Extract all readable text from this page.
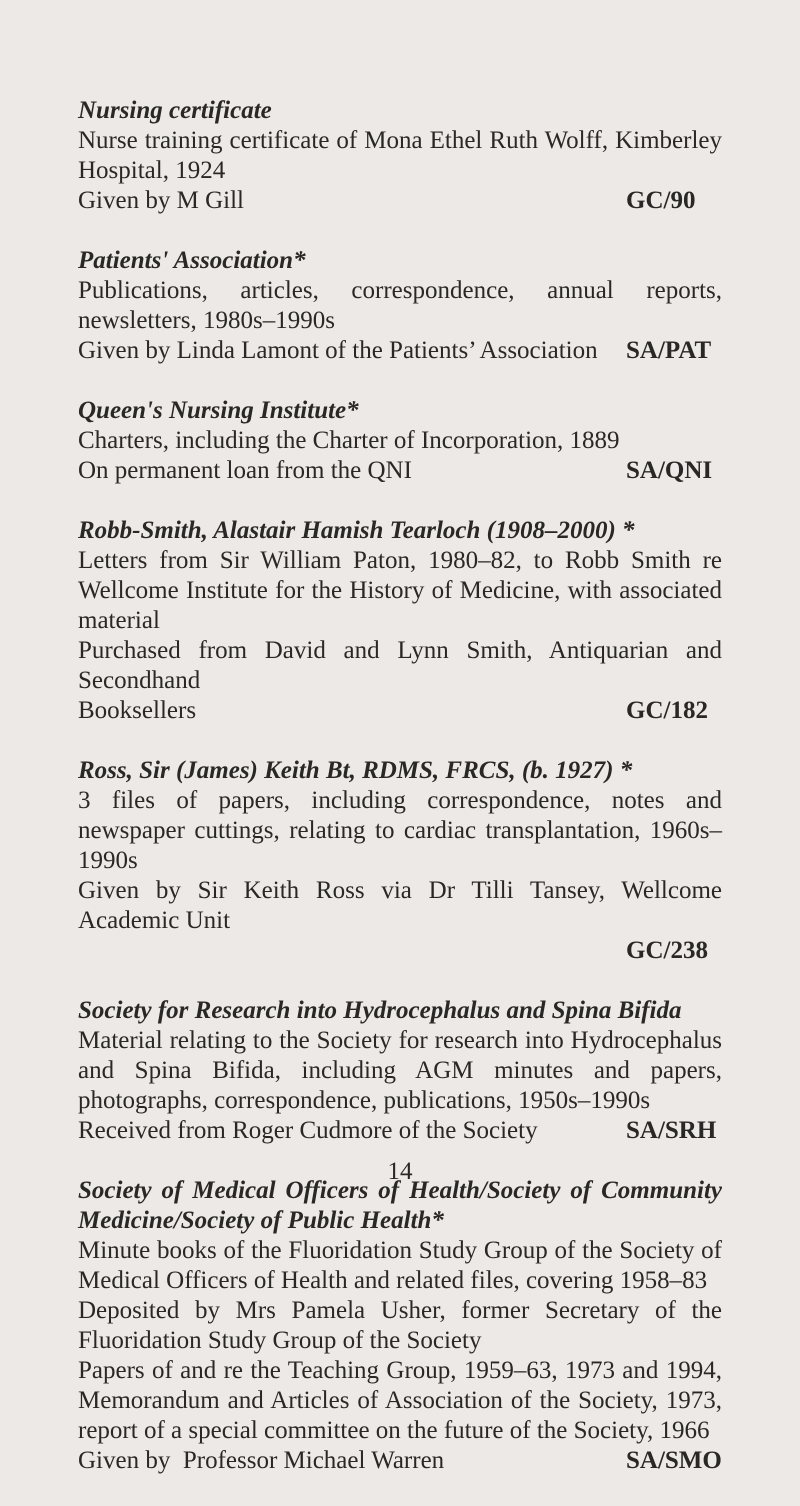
Nursing certificate
Nurse training certificate of Mona Ethel Ruth Wolff, Kimberley Hospital, 1924
Given by M Gill	GC/90
Patients' Association*
Publications, articles, correspondence, annual reports, newsletters, 1980s–1990s
Given by Linda Lamont of the Patients’ Association SA/PAT
Queen's Nursing Institute*
Charters, including the Charter of Incorporation, 1889
On permanent loan from the QNI	SA/QNI
Robb-Smith, Alastair Hamish Tearloch (1908–2000) *
Letters from Sir William Paton, 1980–82, to Robb Smith re Wellcome Institute for the History of Medicine, with associated material
Purchased from David and Lynn Smith, Antiquarian and Secondhand
Booksellers	GC/182
Ross, Sir (James) Keith Bt, RDMS, FRCS, (b. 1927) *
3 files of papers, including correspondence, notes and newspaper cuttings, relating to cardiac transplantation, 1960s–1990s
Given by Sir Keith Ross via Dr Tilli Tansey, Wellcome Academic Unit
GC/238
Society for Research into Hydrocephalus and Spina Bifida
Material relating to the Society for research into Hydrocephalus and Spina Bifida, including AGM minutes and papers, photographs, correspondence, publications, 1950s–1990s
Received from Roger Cudmore of the Society	SA/SRH
Society of Medical Officers of Health/Society of Community Medicine/Society of Public Health*
Minute books of the Fluoridation Study Group of the Society of Medical Officers of Health and related files, covering 1958–83
Deposited by Mrs Pamela Usher, former Secretary of the Fluoridation Study Group of the Society
Papers of and re the Teaching Group, 1959–63, 1973 and 1994, Memorandum and Articles of Association of the Society, 1973, report of a special committee on the future of the Society, 1966
Given by  Professor Michael Warren	SA/SMO
14
